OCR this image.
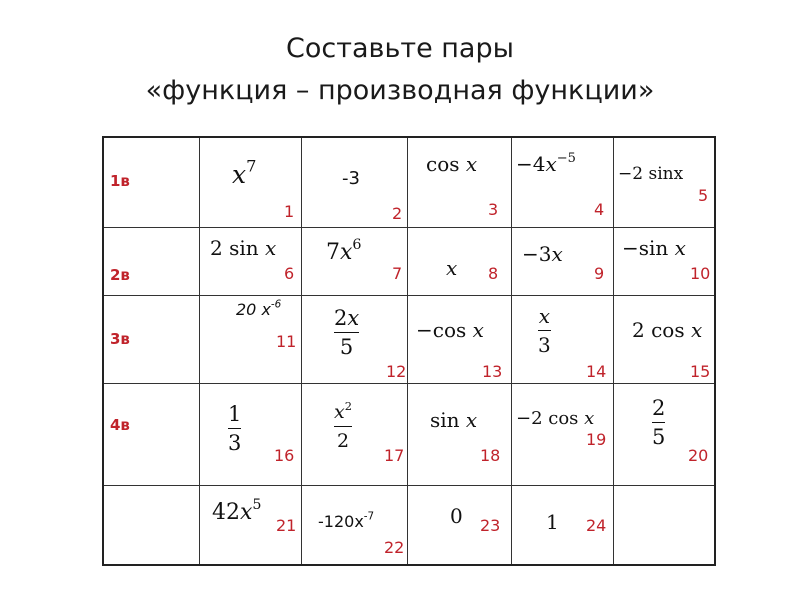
Составьте пары
«функция – производная функции»
1в
2в
3в
4в
$x^7$
1
-3
2
cos x
3
$-4x^{-5}$
4
−2 sinx
5
2 sin x
6
$7x^6$
7 x 8
−3x
9
−sin x
10
20 $x^{-6}$
11
2x
5
12
−cos x
13
x
3
14
2 cos x
15
1
3
16
$x^2$
2
17
sin x
18
−2 cos x
19
2
5
20
$42x^5$
21 $-120x^{-7}$
22
0 23 1 24
